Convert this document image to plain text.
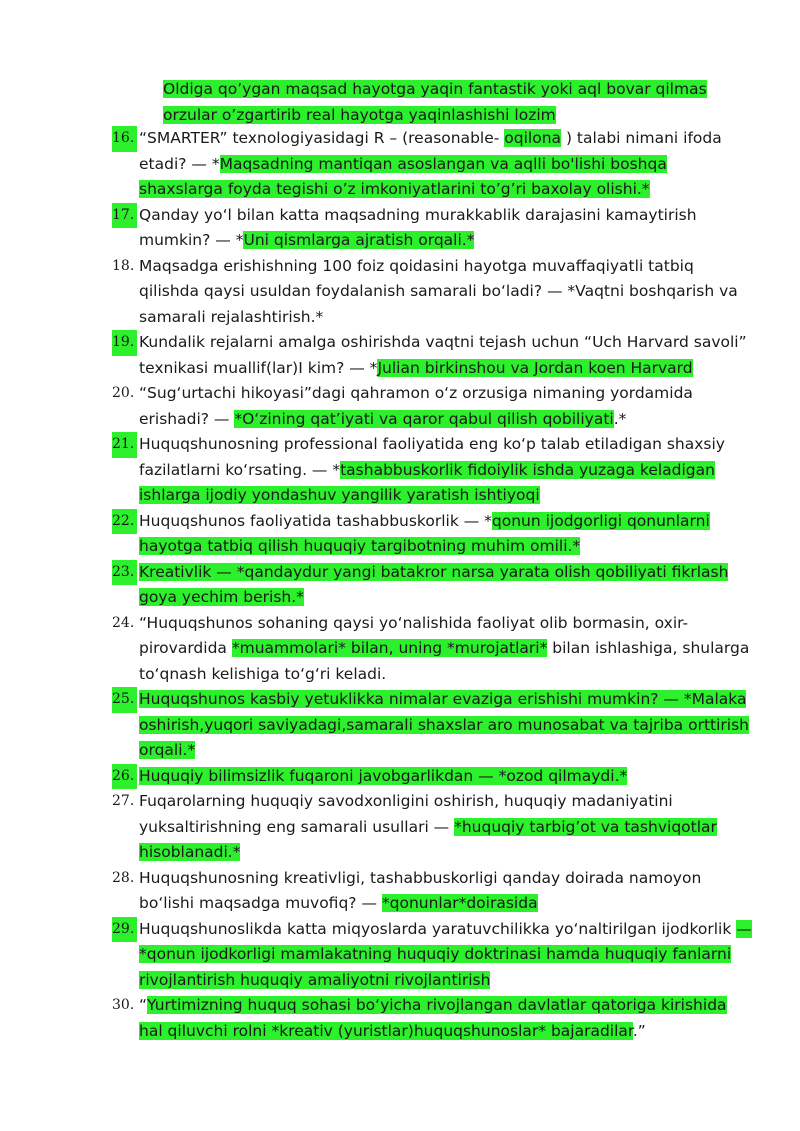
Oldiga qo’ygan maqsad hayotga yaqin fantastik yoki aql bovar qilmas
orzular o’zgartirib real hayotga yaqinlashishi lozim
16. “SMARTER” texnologiyasidagi R – (reasonable- oqilona ) talabi nimani ifoda etadi? — *Maqsadning mantiqan asoslangan va aqlli bo'lishi boshqa shaxslarga foyda tegishi o’z imkoniyatlarini to’g’ri baxolay olishi.*
17. Qanday yo‘l bilan katta maqsadning murakkablik darajasini kamaytirish mumkin? — *Uni qismlarga ajratish orqali.*
18. Maqsadga erishishning 100 foiz qoidasini hayotga muvaffaqiyatli tatbiq qilishda qaysi usuldan foydalanish samarali bo‘ladi? — *Vaqtni boshqarish va samarali rejalashtirish.*
19. Kundalik rejalarni amalga oshirishda vaqtni tejash uchun “Uch Harvard savoli” texnikasi muallif(lar)I kim? — *Julian birkinshou va Jordan koen Harvard
20. “Sug‘urtachi hikoyasi”dagi qahramon o‘z orzusiga nimaning yordamida erishadi? — *O‘zining qat’iyati va qaror qabul qilish qobiliyati.*
21. Huquqshunosning professional faoliyatida eng ko‘p talab etiladigan shaxsiy fazilatlarni ko‘rsating. — *tashabbuskorlik fidoiylik ishda yuzaga keladigan ishlarga ijodiy yondashuv yangilik yaratish ishtiyoqi
22. Huquqshunos faoliyatida tashabbuskorlik — *qonun ijodgorligi qonunlarni hayotga tatbiq qilish huquqiy targibotning muhim omili.*
23. Kreativlik — *qandaydur yangi batakror narsa yarata olish qobiliyati fikrlash goya yechim berish.*
24. “Huquqshunos sohaning qaysi yo‘nalishida faoliyat olib bormasin, oxir-pirovardida *muammolari* bilan, uning *murojatlari* bilan ishlashiga, shularga to‘qnash kelishiga to‘g‘ri keladi.
25. Huquqshunos kasbiy yetuklikka nimalar evaziga erishishi mumkin? — *Malaka oshirish,yuqori saviyadagi,samarali shaxslar aro munosabat va tajriba orttirish orqali.*
26. Huquqiy bilimsizlik fuqaroni javobgarlikdan — *ozod qilmaydi.*
27. Fuqarolarning huquqiy savodxonligini oshirish, huquqiy madaniyatini yuksaltirishning eng samarali usullari — *huquqiy tarbig’ot va tashviqotlar hisoblanadi.*
28. Huquqshunosning kreativligi, tashabbuskorligi qanday doirada namoyon bo‘lishi maqsadga muvofiq? — *qonunlar*doirasida
29. Huquqshunoslikda katta miqyoslarda yaratuvchilikka yo‘naltirilgan ijodkorlik — *qonun ijodkorligi mamlakatning huquqiy doktrinasi hamda huquqiy fanlarni rivojlantirish huquqiy amaliyotni rivojlantirish
30. “Yurtimizning huquq sohasi bo‘yicha rivojlangan davlatlar qatoriga kirishida hal qiluvchi rolni *kreativ (yuristlar)huquqshunoslar* bajaradilar.”
